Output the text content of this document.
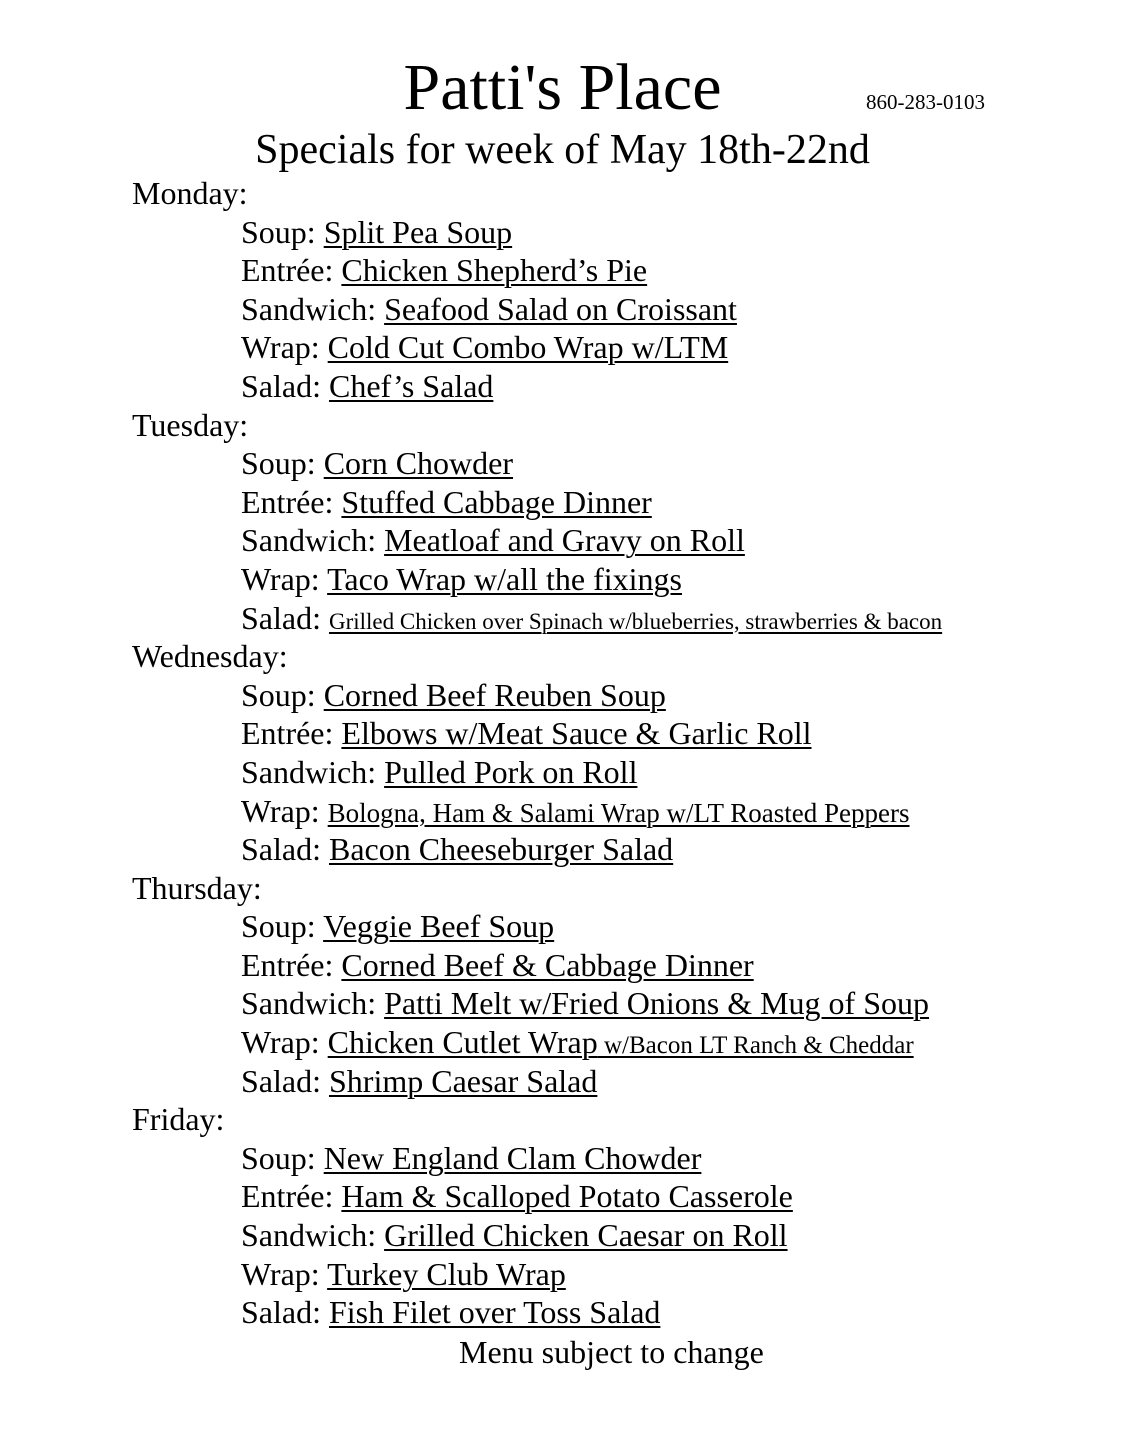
Patti's Place	860-283-0103
Specials for week of May 18th-22nd
Monday:
Soup: Split Pea Soup
Entrée: Chicken Shepherd’s Pie
Sandwich: Seafood Salad on Croissant
Wrap: Cold Cut Combo Wrap w/LTM
Salad: Chef’s Salad
Tuesday:
Soup: Corn Chowder
Entrée: Stuffed Cabbage Dinner
Sandwich: Meatloaf and Gravy on Roll
Wrap: Taco Wrap w/all the fixings
Salad: Grilled Chicken over Spinach w/blueberries, strawberries & bacon
Wednesday:
Soup: Corned Beef Reuben Soup
Entrée: Elbows w/Meat Sauce & Garlic Roll
Sandwich: Pulled Pork on Roll
Wrap: Bologna, Ham & Salami Wrap w/LT Roasted Peppers
Salad: Bacon Cheeseburger Salad
Thursday:
Soup: Veggie Beef Soup
Entrée: Corned Beef & Cabbage Dinner
Sandwich: Patti Melt w/Fried Onions & Mug of Soup
Wrap: Chicken Cutlet Wrap w/Bacon LT Ranch & Cheddar
Salad: Shrimp Caesar Salad
Friday:
Soup: New England Clam Chowder
Entrée: Ham & Scalloped Potato Casserole
Sandwich: Grilled Chicken Caesar on Roll
Wrap: Turkey Club Wrap
Salad: Fish Filet over Toss Salad
Menu subject to change
